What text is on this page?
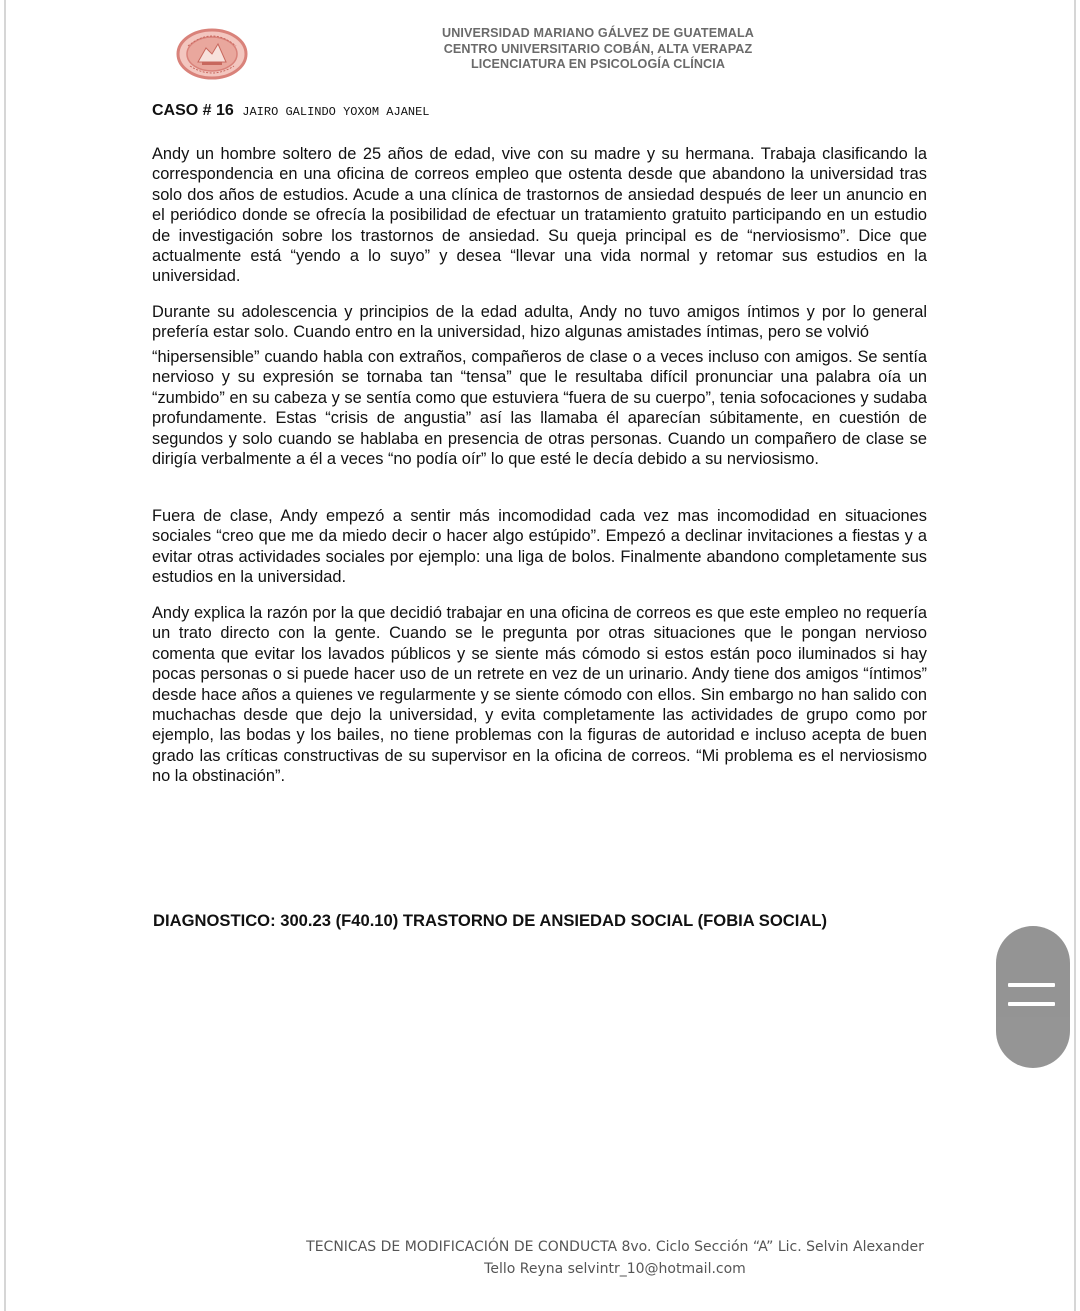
UNIVERSIDAD MARIANO GÁLVEZ DE GUATEMALA
CENTRO UNIVERSITARIO COBÁN, ALTA VERAPAZ
LICENCIATURA EN PSICOLOGÍA CLÍNCIA
CASO # 16 JAIRO GALINDO YOXOM AJANEL

Andy un hombre soltero de 25 años de edad, vive con su madre y su hermana. Trabaja clasificando la correspondencia en una oficina de correos empleo que ostenta desde que abandono la universidad tras solo dos años de estudios. Acude a una clínica de trastornos de ansiedad después de leer un anuncio en el periódico donde se ofrecía la posibilidad de efectuar un tratamiento gratuito participando en un estudio de investigación sobre los trastornos de ansiedad. Su queja principal es de “nerviosismo”. Dice que actualmente está “yendo a lo suyo” y desea “llevar una vida normal y retomar sus estudios en la universidad.

Durante su adolescencia y principios de la edad adulta, Andy no tuvo amigos íntimos y por lo general prefería estar solo. Cuando entro en la universidad, hizo algunas amistades íntimas, pero se volvió

“hipersensible” cuando habla con extraños, compañeros de clase o a veces incluso con amigos. Se sentía nervioso y su expresión se tornaba tan “tensa” que le resultaba difícil pronunciar una palabra oía un “zumbido” en su cabeza y se sentía como que estuviera “fuera de su cuerpo”, tenia sofocaciones y sudaba profundamente. Estas “crisis de angustia” así las llamaba él aparecían súbitamente, en cuestión de segundos y solo cuando se hablaba en presencia de otras personas. Cuando un compañero de clase se dirigía verbalmente a él a veces “no podía oír” lo que esté le decía debido a su nerviosismo.

Fuera de clase, Andy empezó a sentir más incomodidad cada vez mas incomodidad en situaciones sociales “creo que me da miedo decir o hacer algo estúpido”. Empezó a declinar invitaciones a fiestas y a evitar otras actividades sociales por ejemplo: una liga de bolos. Finalmente abandono completamente sus estudios en la universidad.

Andy explica la razón por la que decidió trabajar en una oficina de correos es que este empleo no requería un trato directo con la gente. Cuando se le pregunta por otras situaciones que le pongan nervioso comenta que evitar los lavados públicos y se siente más cómodo si estos están poco iluminados si hay pocas personas o si puede hacer uso de un retrete en vez de un urinario. Andy tiene dos amigos “íntimos” desde hace años a quienes ve regularmente y se siente cómodo con ellos. Sin embargo no han salido con muchachas desde que dejo la universidad, y evita completamente las actividades de grupo como por ejemplo, las bodas y los bailes, no tiene problemas con la figuras de autoridad e incluso acepta de buen grado las críticas constructivas de su supervisor en la oficina de correos. “Mi problema es el nerviosismo no la obstinación”.

DIAGNOSTICO: 300.23 (F40.10) TRASTORNO DE ANSIEDAD SOCIAL (FOBIA SOCIAL)
TECNICAS DE MODIFICACIÓN DE CONDUCTA 8vo. Ciclo Sección “A” Lic. Selvin Alexander
Tello Reyna selvintr_10@hotmail.com
